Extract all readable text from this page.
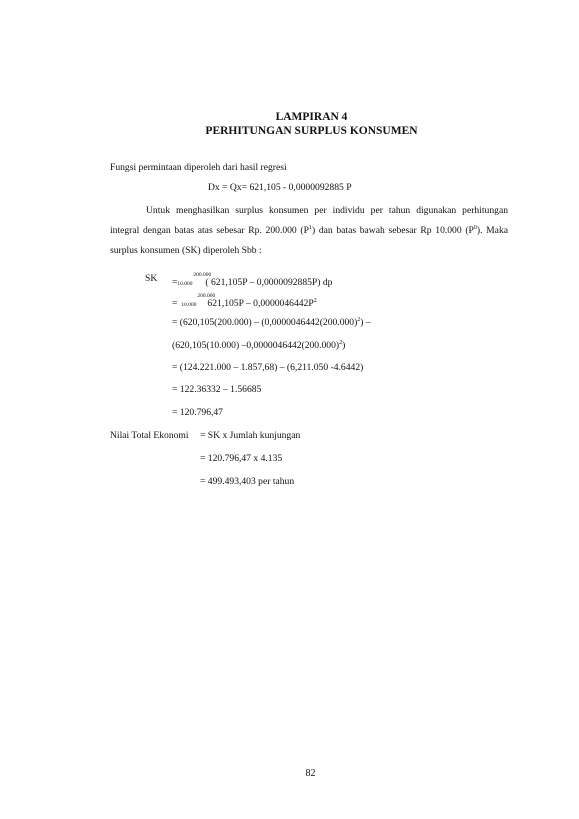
LAMPIRAN 4
PERHITUNGAN SURPLUS KONSUMEN
Fungsi permintaan diperoleh dari hasil regresi
Dx = Qx= 621,105 - 0,0000092885 P
Untuk menghasilkan surplus konsumen per individu per tahun digunakan perhitungan
integral dengan batas atas sebesar Rp. 200.000 $(P^1)$ dan batas bawah sebesar Rp 10.000 $(P^0)$. Maka
surplus konsumen (SK) diperoleh Sbb :
SK = 10.000
200.000
( 621,105P – 0,0000092885P) dp
= 10.000
200.000
$621,105P - 0,0000046442P^2$
= ($620,105(200.000) - (0,0000046442(200.000)^2)$ –
(620,105(10.000) $-0,0000046442(200.000)^2$)
= (124.221.000 – 1.857,68) – (6,211.050 -4.6442)
= 122.36332 – 1.56685
= 120.796,47
Nilai Total Ekonomi = SK x Jumlah kunjungan
= 120.796,47 x 4.135
= 499.493,403 per tahun
82
